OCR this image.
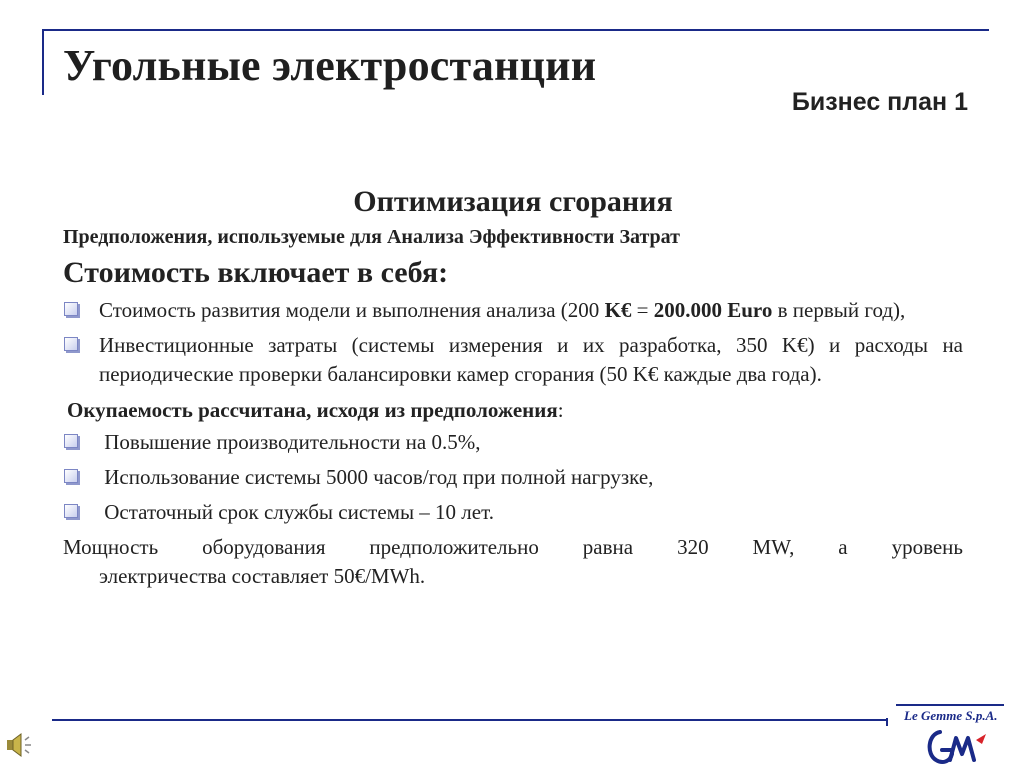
Угольные электростанции
Бизнес план 1

Оптимизация сгорания

Предположения, используемые для Анализа Эффективности Затрат

Стоимость включает в себя:

Стоимость развития модели и выполнения анализа (200 K€ = 200.000 Euro в первый год),
Инвестиционные затраты (системы измерения и их разработка, 350 K€) и расходы на периодические проверки балансировки камер сгорания (50 K€ каждые два года).

Окупаемость рассчитана, исходя из предположения:

Повышение производительности на 0.5%,
Использование системы 5000 часов/год при полной нагрузке,
Остаточный срок службы системы – 10 лет.

Мощность оборудования предположительно равна 320 MW, а уровень
электричества составляет 50€/MWh.

Le Gemme S.p.A.
